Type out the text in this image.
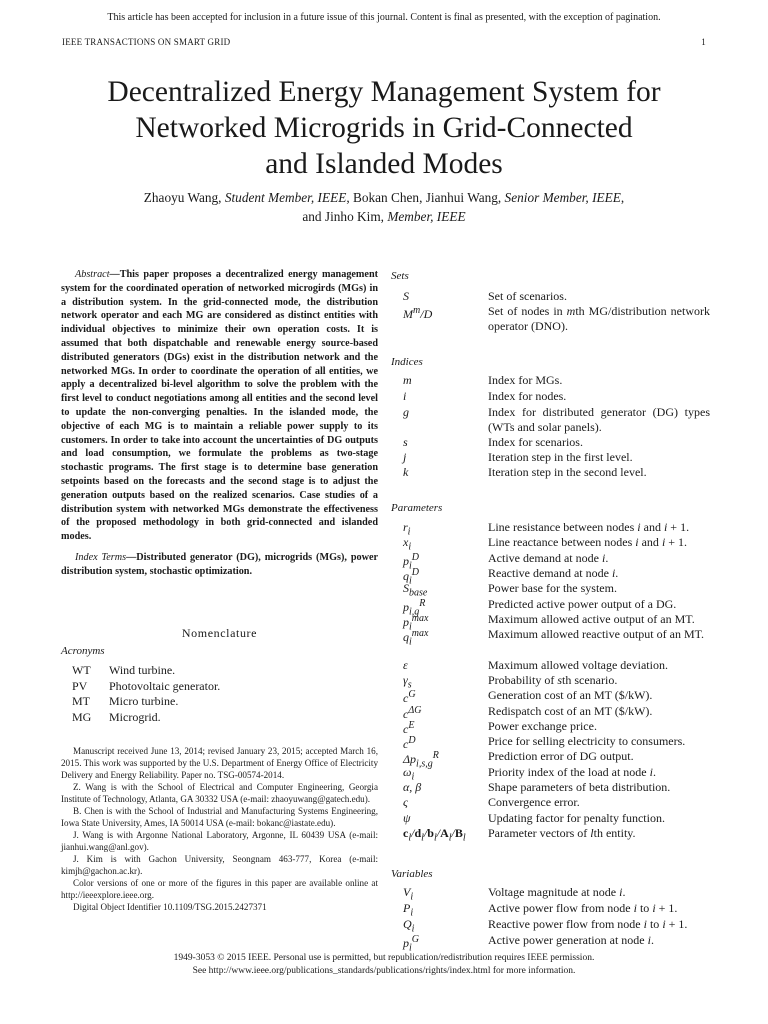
This article has been accepted for inclusion in a future issue of this journal. Content is final as presented, with the exception of pagination.
IEEE TRANSACTIONS ON SMART GRID	1
Decentralized Energy Management System for
Networked Microgrids in Grid-Connected
and Islanded Modes
Zhaoyu Wang, Student Member, IEEE, Bokan Chen, Jianhui Wang, Senior Member, IEEE,
and Jinho Kim, Member, IEEE

Abstract—This paper proposes a decentralized energy management system for the coordinated operation of networked microgirds (MGs) in a distribution system. In the grid-connected mode, the distribution network operator and each MG are considered as distinct entities with individual objectives to minimize their own operation costs. It is assumed that both dispatchable and renewable energy source-based distributed generators (DGs) exist in the distribution network and the networked MGs. In order to coordinate the operation of all entities, we apply a decentralized bi-level algorithm to solve the problem with the first level to conduct negotiations among all entities and the second level to update the non-converging penalties. In the islanded mode, the objective of each MG is to maintain a reliable power supply to its customers. In order to take into account the uncertainties of DG outputs and load consumption, we formulate the problems as two-stage stochastic programs. The first stage is to determine base generation setpoints based on the forecasts and the second stage is to adjust the generation outputs based on the realized scenarios. Case studies of a distribution system with networked MGs demonstrate the effectiveness of the proposed methodology in both grid-connected and islanded modes.

Index Terms—Distributed generator (DG), microgrids (MGs), power distribution system, stochastic optimization.

Nomenclature
Acronyms
WT	Wind turbine.
PV	Photovoltaic generator.
MT	Micro turbine.
MG	Microgrid.

Manuscript received June 13, 2014; revised January 23, 2015; accepted March 16, 2015. This work was supported by the U.S. Department of Energy Office of Electricity Delivery and Energy Reliability. Paper no. TSG-00574-2014.

Z. Wang is with the School of Electrical and Computer Engineering, Georgia Institute of Technology, Atlanta, GA 30332 USA (e-mail: zhaoyuwang@gatech.edu).

B. Chen is with the School of Industrial and Manufacturing Systems Engineering, Iowa State University, Ames, IA 50014 USA (e-mail: bokanc@iastate.edu).

J. Wang is with Argonne National Laboratory, Argonne, IL 60439 USA (e-mail: jianhui.wang@anl.gov).

J. Kim is with Gachon University, Seongnam 463-777, Korea (e-mail: kimjh@gachon.ac.kr).

Color versions of one or more of the figures in this paper are available online at http://ieeexplore.ieee.org.

Digital Object Identifier 10.1109/TSG.2015.2427371

Sets
S	Set of scenarios.
$M^m/D$	Set of nodes in mth MG/distribution network operator (DNO).
Indices
m	Index for MGs.
i	Index for nodes.
g	Index for distributed generator (DG) types (WTs and solar panels).
s	Index for scenarios.
j	Iteration step in the first level.
k	Iteration step in the second level.
Parameters
$r_i$	Line resistance between nodes i and i + 1.
$x_i$	Line reactance between nodes i and i + 1.
$p_i^D$	Active demand at node i.
$q_i^D$	Reactive demand at node i.
$S_{base}$	Power base for the system.
$p_{i,g}^R$	Predicted active power output of a DG.
$p_i^{max}$	Maximum allowed active output of an MT.
$q_i^{max}$	Maximum allowed reactive output of an MT.
ε	Maximum allowed voltage deviation.
$\gamma_s$	Probability of sth scenario.
$c^G$	Generation cost of an MT ($/kW).
$c^{\Delta G}$	Redispatch cost of an MT ($/kW).
$c^E$	Power exchange price.
$c^D$	Price for selling electricity to consumers.
$\Delta p_{i,s,g}^R$	Prediction error of DG output.
$\omega_i$	Priority index of the load at node i.
α, β	Shape parameters of beta distribution.
ς	Convergence error.
ψ	Updating factor for penalty function.
$c_l/d_l/b_l/A_l/B_l$ Parameter vectors of lth entity.
Variables
$V_i$	Voltage magnitude at node i.
$P_i$	Active power flow from node i to i + 1.
$Q_i$	Reactive power flow from node i to i + 1.
$p_i^G$	Active power generation at node i.
1949-3053 © 2015 IEEE. Personal use is permitted, but republication/redistribution requires IEEE permission.
See http://www.ieee.org/publications_standards/publications/rights/index.html for more information.
